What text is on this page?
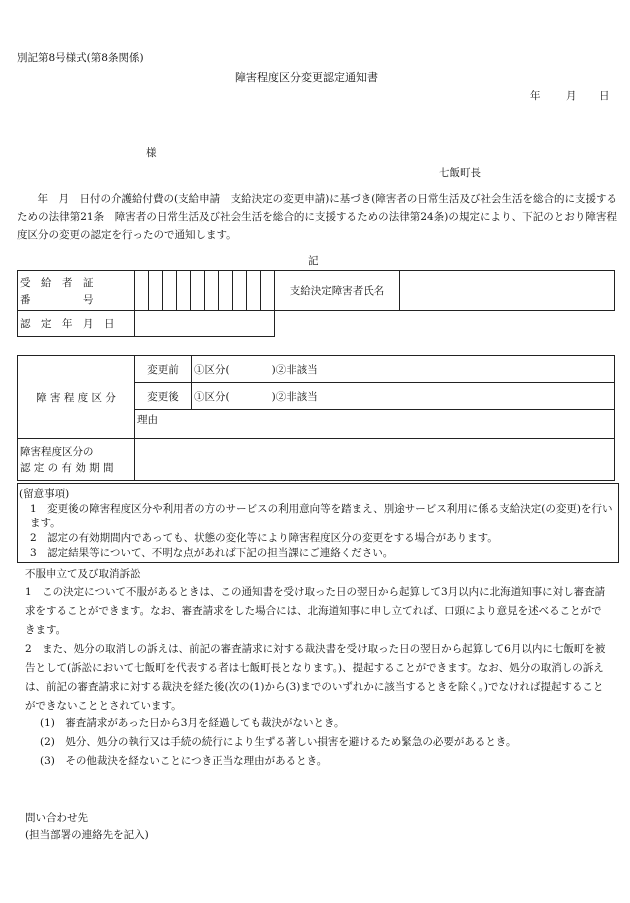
別記第8号様式(第8条関係)
障害程度区分変更認定通知書
年 月 日
様
七飯町長
　年　月　日付の介護給付費の(支給申請　支給決定の変更申請)に基づき(障害者の日常生活及び社会生活を総合的に支援するための法律第21条　障害者の日常生活及び社会生活を総合的に支援するための法律第24条)の規定により、下記のとおり障害程度区分の変更の認定を行ったので通知します。
記
受　給　者　証
番　　　　　号											支給決定障害者氏名	
認　定　年　月　日												
障 害 程 度 区 分	変更前	①区分(　　　　)②非該当
	変更後	①区分(　　　　)②非該当
	理由	

障害程度区分の
認 定 の 有 効 期 間		

(留意事項)
1　変更後の障害程度区分や利用者の方のサービスの利用意向等を踏まえ、別途サービス利用に係る支給決定(の変更)を行います。
2　認定の有効期間内であっても、状態の変化等により障害程度区分の変更をする場合があります。
3　認定結果等について、不明な点があれば下記の担当課にご連絡ください。
不服申立て及び取消訴訟
1　この決定について不服があるときは、この通知書を受け取った日の翌日から起算して3月以内に北海道知事に対し審査請求をすることができます。なお、審査請求をした場合には、北海道知事に申し立てれば、口頭により意見を述べることができます。
2　また、処分の取消しの訴えは、前記の審査請求に対する裁決書を受け取った日の翌日から起算して6月以内に七飯町を被告として(訴訟において七飯町を代表する者は七飯町長となります。)、提起することができます。なお、処分の取消しの訴えは、前記の審査請求に対する裁決を経た後(次の(1)から(3)までのいずれかに該当するときを除く。)でなければ提起することができないこととされています。
(1)　審査請求があった日から3月を経過しても裁決がないとき。
(2)　処分、処分の執行又は手続の続行により生ずる著しい損害を避けるため緊急の必要があるとき。
(3)　その他裁決を経ないことにつき正当な理由があるとき。
問い合わせ先
(担当部署の連絡先を記入)
